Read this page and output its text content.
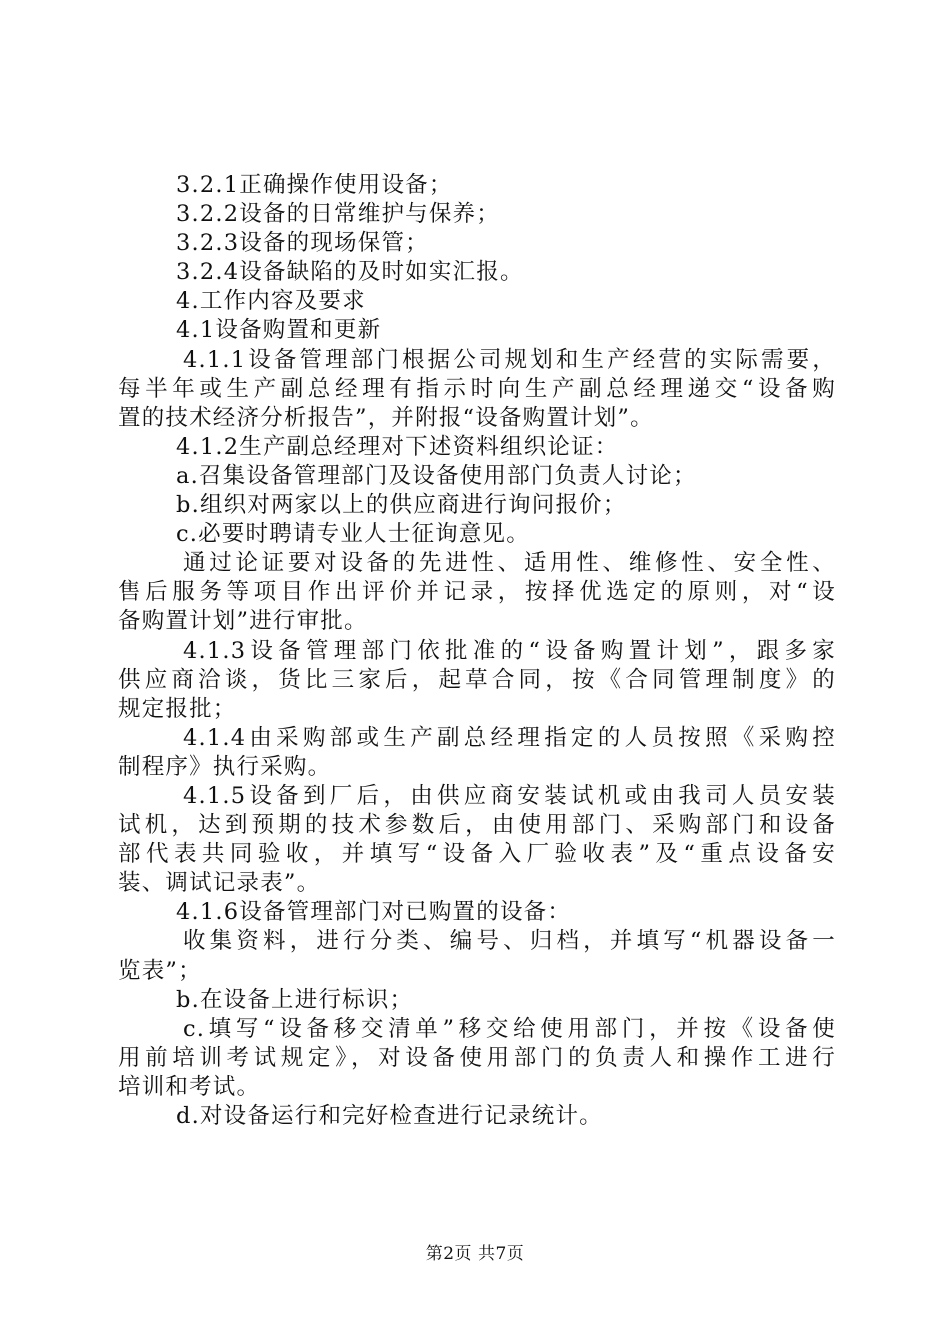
3.2.1正确操作使用设备；
3.2.2设备的日常维护与保养；
3.2.3设备的现场保管；
3.2.4设备缺陷的及时如实汇报。
4.工作内容及要求
4.1设备购置和更新
4.1.1设备管理部门根据公司规划和生产经营的实际需要，
每半年或生产副总经理有指示时向生产副总经理递交“设备购
置的技术经济分析报告”，并附报“设备购置计划”。
4.1.2生产副总经理对下述资料组织论证：
a.召集设备管理部门及设备使用部门负责人讨论；
b.组织对两家以上的供应商进行询问报价；
c.必要时聘请专业人士征询意见。
通过论证要对设备的先进性、适用性、维修性、安全性、
售后服务等项目作出评价并记录，按择优选定的原则，对“设
备购置计划”进行审批。
4.1.3设备管理部门依批准的“设备购置计划”，跟多家
供应商洽谈，货比三家后，起草合同，按《合同管理制度》的
规定报批；
4.1.4由采购部或生产副总经理指定的人员按照《采购控
制程序》执行采购。
4.1.5设备到厂后，由供应商安装试机或由我司人员安装
试机，达到预期的技术参数后，由使用部门、采购部门和设备
部代表共同验收，并填写“设备入厂验收表”及“重点设备安
装、调试记录表”。
4.1.6设备管理部门对已购置的设备：
收集资料，进行分类、编号、归档，并填写“机器设备一
览表”；
b.在设备上进行标识；
c.填写“设备移交清单”移交给使用部门，并按《设备使
用前培训考试规定》，对设备使用部门的负责人和操作工进行
培训和考试。
d.对设备运行和完好检查进行记录统计。
第2页 共7页
